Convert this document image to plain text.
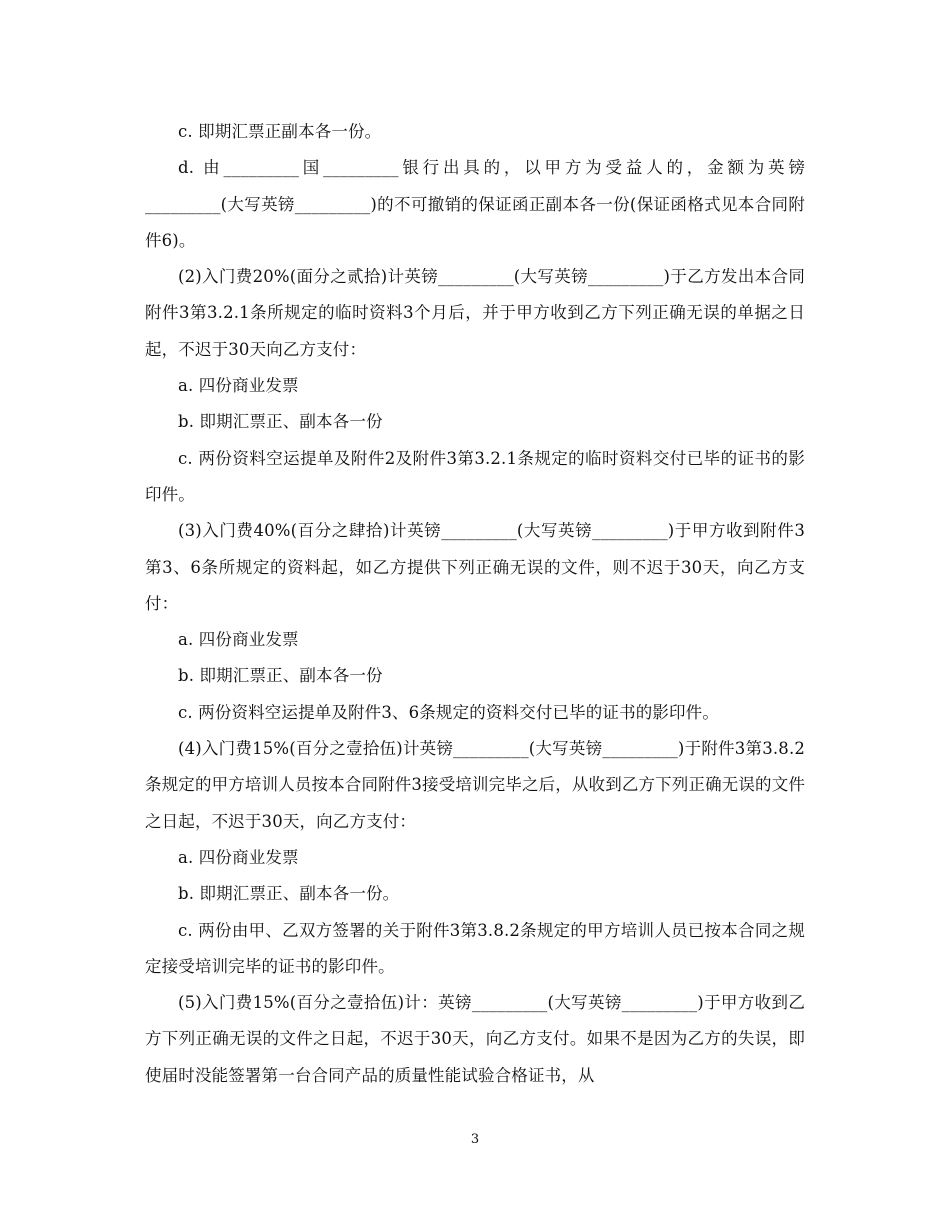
c. 即期汇票正副本各一份。

d. 由_________国_________银行出具的，以甲方为受益人的，金额为英镑_________(大写英镑_________)的不可撤销的保证函正副本各一份(保证函格式见本合同附件6)。

(2)入门费20%(面分之贰拾)计英镑_________(大写英镑_________)于乙方发出本合同附件3第3.2.1条所规定的临时资料3个月后，并于甲方收到乙方下列正确无误的单据之日起，不迟于30天向乙方支付：

a. 四份商业发票

b. 即期汇票正、副本各一份

c. 两份资料空运提单及附件2及附件3第3.2.1条规定的临时资料交付已毕的证书的影印件。

(3)入门费40%(百分之肆拾)计英镑_________(大写英镑_________)于甲方收到附件3第3、6条所规定的资料起，如乙方提供下列正确无误的文件，则不迟于30天，向乙方支付：

a. 四份商业发票

b. 即期汇票正、副本各一份

c. 两份资料空运提单及附件3、6条规定的资料交付已毕的证书的影印件。

(4)入门费15%(百分之壹拾伍)计英镑_________(大写英镑_________)于附件3第3.8.2条规定的甲方培训人员按本合同附件3接受培训完毕之后，从收到乙方下列正确无误的文件之日起，不迟于30天，向乙方支付：

a. 四份商业发票

b. 即期汇票正、副本各一份。

c. 两份由甲、乙双方签署的关于附件3第3.8.2条规定的甲方培训人员已按本合同之规定接受培训完毕的证书的影印件。

(5)入门费15%(百分之壹拾伍)计：英镑_________(大写英镑_________)于甲方收到乙方下列正确无误的文件之日起，不迟于30天，向乙方支付。如果不是因为乙方的失误，即使届时没能签署第一台合同产品的质量性能试验合格证书，从

3
